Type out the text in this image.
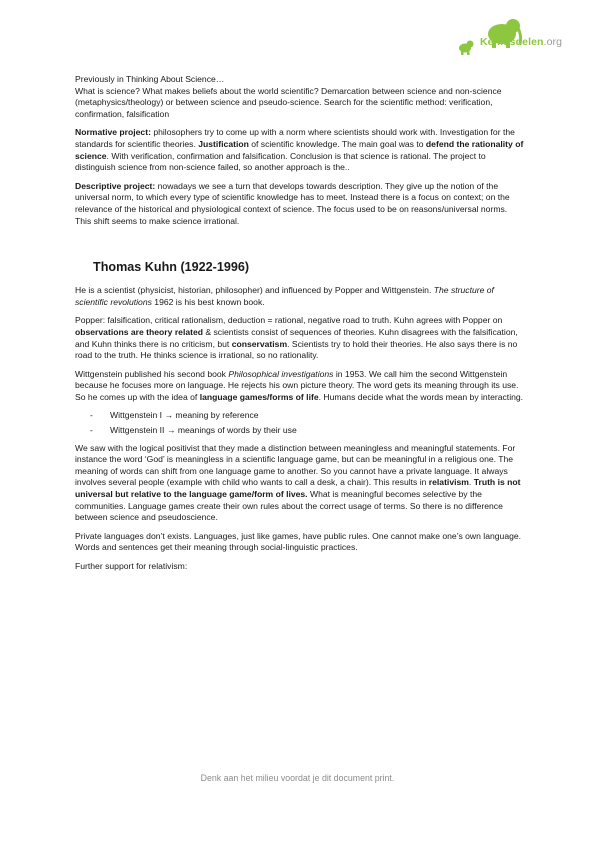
Kennisdelen.org

Previously in Thinking About Science…
What is science? What makes beliefs about the world scientific? Demarcation between science and non-science (metaphysics/theology) or between science and pseudo-science. Search for the scientific method: verification, confirmation, falsification

Normative project: philosophers try to come up with a norm where scientists should work with. Investigation for the standards for scientific theories. Justification of scientific knowledge. The main goal was to defend the rationality of science. With verification, confirmation and falsification. Conclusion is that science is rational. The project to distinguish science from non-science failed, so another approach is the..

Descriptive project: nowadays we see a turn that develops towards description. They give up the notion of the universal norm, to which every type of scientific knowledge has to meet. Instead there is a focus on context; on the relevance of the historical and physiological context of science. The focus used to be on reasons/universal norms. This shift seems to make science irrational.

Thomas Kuhn (1922-1996)

He is a scientist (physicist, historian, philosopher) and influenced by Popper and Wittgenstein. The structure of scientific revolutions 1962 is his best known book.

Popper: falsification, critical rationalism, deduction = rational, negative road to truth. Kuhn agrees with Popper on observations are theory related & scientists consist of sequences of theories. Kuhn disagrees with the falsification, and Kuhn thinks there is no criticism, but conservatism. Scientists try to hold their theories. He also says there is no road to the truth. He thinks science is irrational, so no rationality.

Wittgenstein published his second book Philosophical investigations in 1953. We call him the second Wittgenstein because he focuses more on language. He rejects his own picture theory. The word gets its meaning through its use. So he comes up with the idea of language games/forms of life. Humans decide what the words mean by interacting.

- Wittgenstein I → meaning by reference
- Wittgenstein II → meanings of words by their use

We saw with the logical positivist that they made a distinction between meaningless and meaningful statements. For instance the word ‘God’ is meaningless in a scientific language game, but can be meaningful in a religious one. The meaning of words can shift from one language game to another. So you cannot have a private language. It always involves several people (example with child who wants to call a desk, a chair). This results in relativism. Truth is not universal but relative to the language game/form of lives. What is meaningful becomes selective by the communities. Language games create their own rules about the correct usage of terms. So there is no difference between science and pseudoscience.

Private languages don’t exists. Languages, just like games, have public rules. One cannot make one’s own language. Words and sentences get their meaning through social-linguistic practices.

Further support for relativism:

Denk aan het milieu voordat je dit document print.
